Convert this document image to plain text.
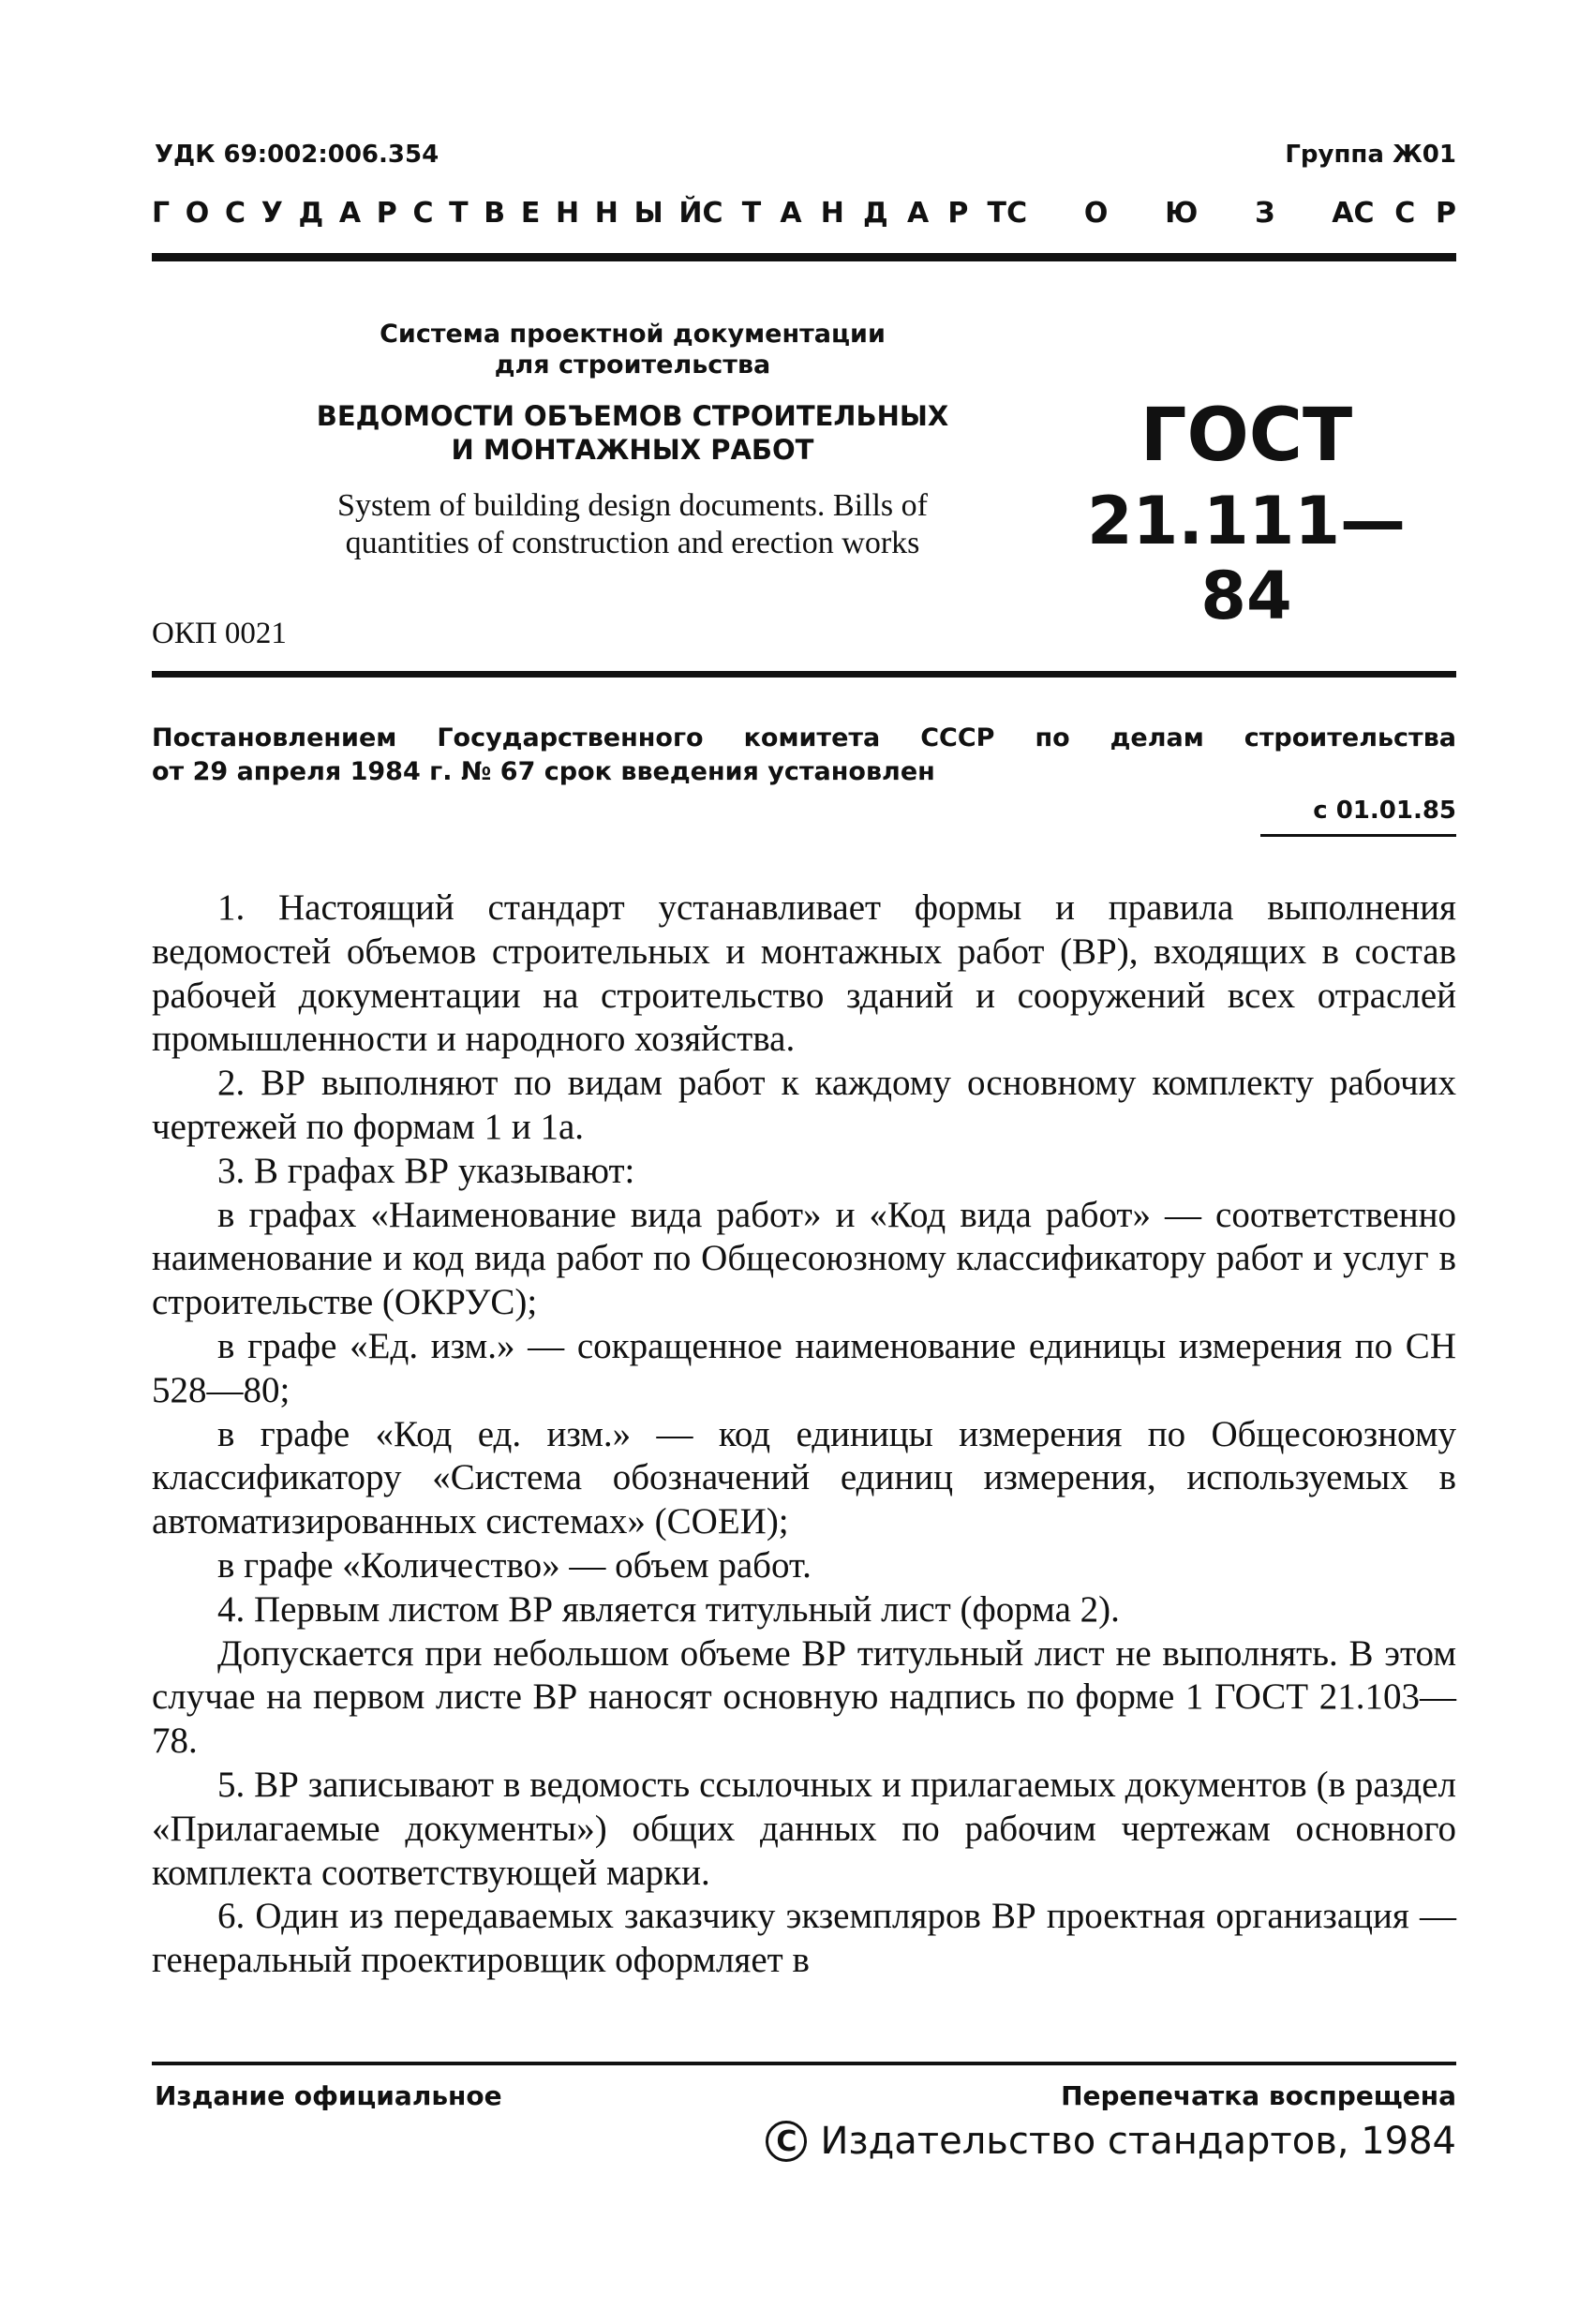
УДК 69:002:006.354	Группа Ж01
Г О С У Д А Р С Т В Е Н Н Ы Й С Т А Н Д А Р Т С О Ю З А С С Р
Система проектной документации
для строительства
ВЕДОМОСТИ ОБЪЕМОВ СТРОИТЕЛЬНЫХ
И МОНТАЖНЫХ РАБОТ
System of building design documents. Bills of
quantities of construction and erection works
ГОСТ
21.111—84
ОКП 0021
Постановлением Государственного комитета СССР по делам строительства
от 29 апреля 1984 г. № 67 срок введения установлен
с 01.01.85

1. Настоящий стандарт устанавливает формы и правила выполнения ведомостей объемов строительных и монтажных работ (ВР), входящих в состав рабочей документации на строительство зданий и сооружений всех отраслей промышленности и народного хозяйства.

2. ВР выполняют по видам работ к каждому основному комплекту рабочих чертежей по формам 1 и 1а.

3. В графах ВР указывают:

в графах «Наименование вида работ» и «Код вида работ» — соответственно наименование и код вида работ по Общесоюзному классификатору работ и услуг в строительстве (ОКРУС);

в графе «Ед. изм.» — сокращенное наименование единицы измерения по СН 528—80;

в графе «Код ед. изм.» — код единицы измерения по Общесоюзному классификатору «Система обозначений единиц измерения, используемых в автоматизированных системах» (СОЕИ);

в графе «Количество» — объем работ.

4. Первым листом ВР является титульный лист (форма 2).

Допускается при небольшом объеме ВР титульный лист не выполнять. В этом случае на первом листе ВР наносят основную надпись по форме 1 ГОСТ 21.103—78.

5. ВР записывают в ведомость ссылочных и прилагаемых документов (в раздел «Прилагаемые документы») общих данных по рабочим чертежам основного комплекта соответствующей марки.

6. Один из передаваемых заказчику экземпляров ВР проектная организация — генеральный проектировщик оформляет в

Издание официальное	Перепечатка воспрещена
C Издательство стандартов, 1984
